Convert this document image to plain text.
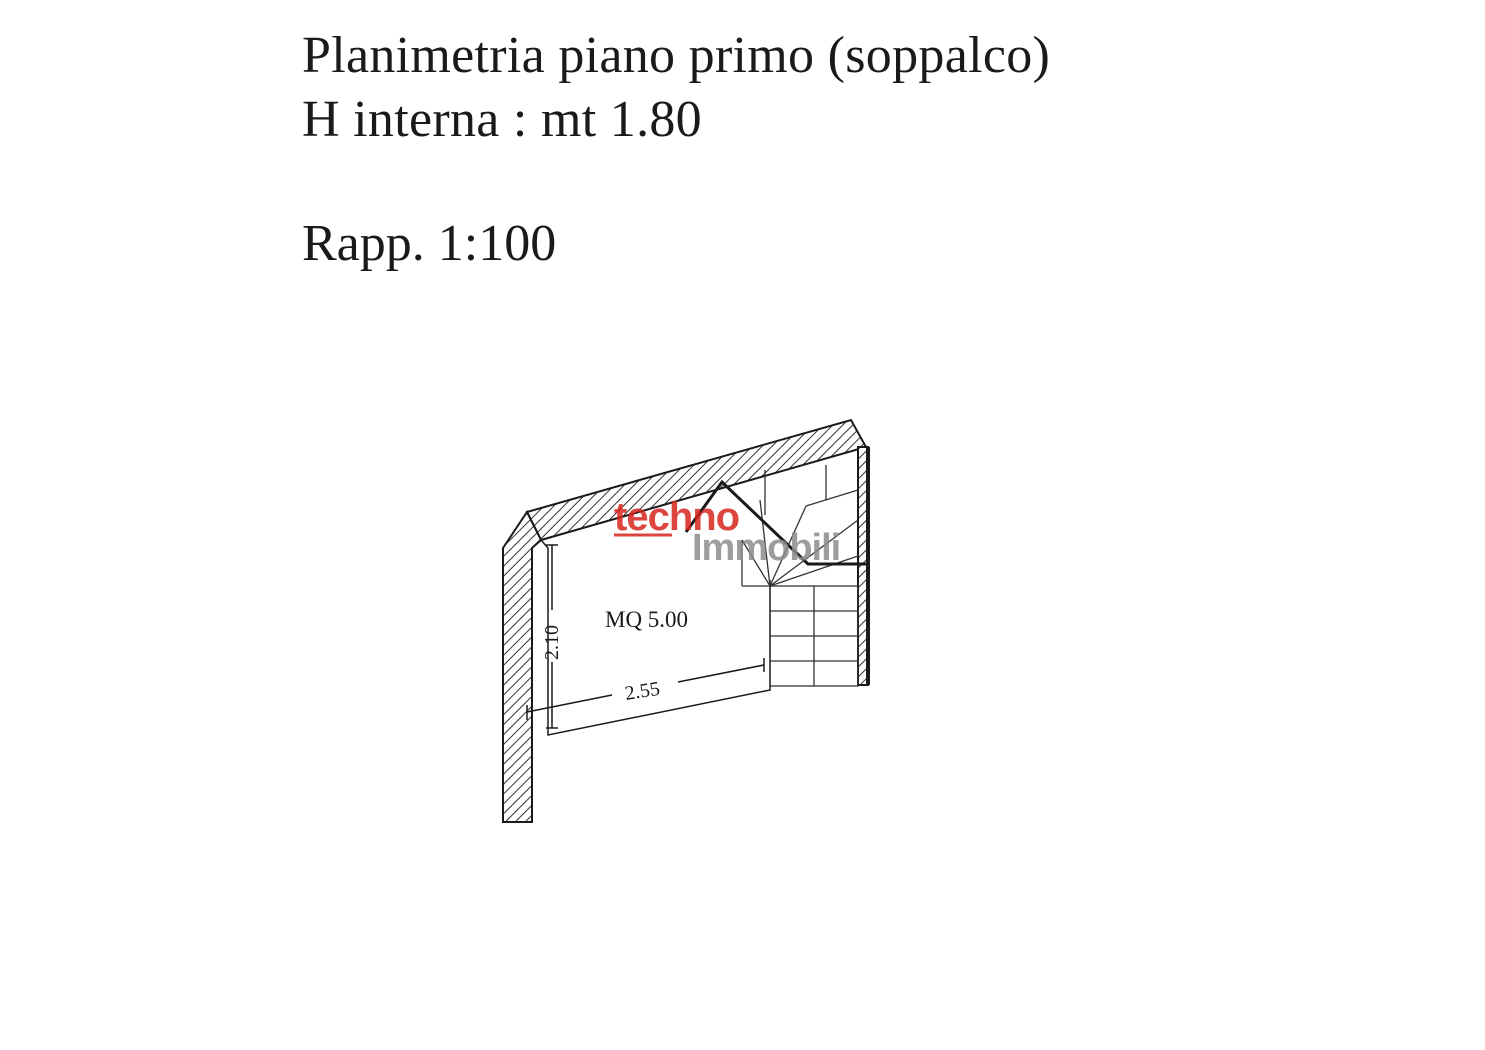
Planimetria piano primo (soppalco)
H interna : mt 1.80
Rapp. 1:100
2.10
2.55
MQ 5.00
techno
Immobili
